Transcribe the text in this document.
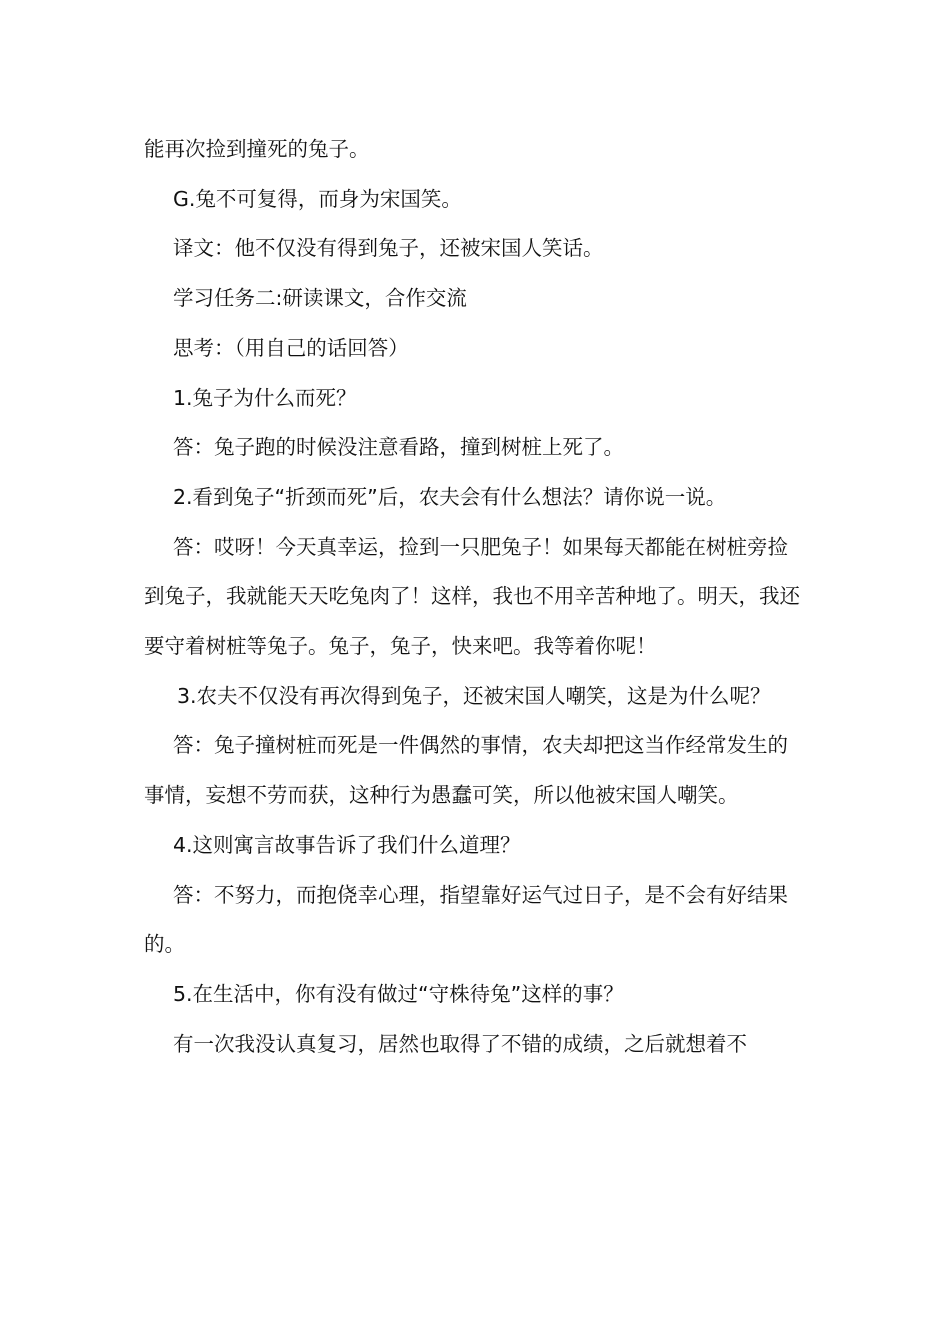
能再次捡到撞死的兔子。

G.兔不可复得，而身为宋国笑。

译文：他不仅没有得到兔子，还被宋国人笑话。

学习任务二:研读课文，合作交流

思考：（用自己的话回答）

1.兔子为什么而死？

答：兔子跑的时候没注意看路，撞到树桩上死了。

2.看到兔子“折颈而死”后，农夫会有什么想法？请你说一说。

答：哎呀！今天真幸运，捡到一只肥兔子！如果每天都能在树桩旁捡到兔子，我就能天天吃兔肉了！这样，我也不用辛苦种地了。明天，我还要守着树桩等兔子。兔子，兔子，快来吧。我等着你呢！

3.农夫不仅没有再次得到兔子，还被宋国人嘲笑，这是为什么呢？

答：兔子撞树桩而死是一件偶然的事情，农夫却把这当作经常发生的事情，妄想不劳而获，这种行为愚蠢可笑，所以他被宋国人嘲笑。

4.这则寓言故事告诉了我们什么道理？

答：不努力，而抱侥幸心理，指望靠好运气过日子，是不会有好结果的。

5.在生活中，你有没有做过“守株待兔”这样的事？

有一次我没认真复习，居然也取得了不错的成绩，之后就想着不
